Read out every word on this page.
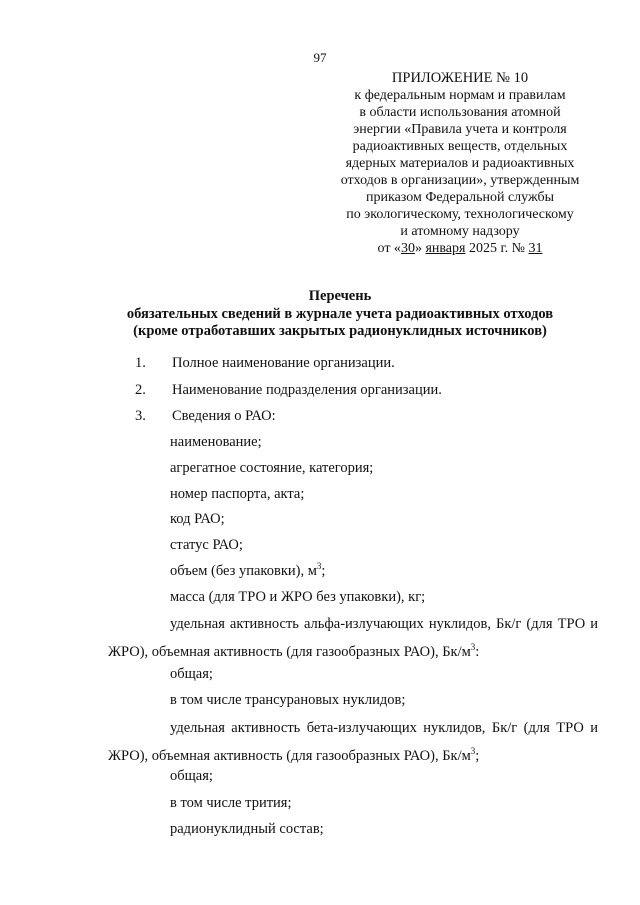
97
ПРИЛОЖЕНИЕ № 10
к федеральным нормам и правилам
в области использования атомной
энергии «Правила учета и контроля
радиоактивных веществ, отдельных
ядерных материалов и радиоактивных
отходов в организации», утвержденным
приказом Федеральной службы
по экологическому, технологическому
и атомному надзору
от «30» января 2025 г. № 31
Перечень
обязательных сведений в журнале учета радиоактивных отходов
(кроме отработавших закрытых радионуклидных источников)
1. Полное наименование организации.
2. Наименование подразделения организации.
3. Сведения о РАО:
наименование;
агрегатное состояние, категория;
номер паспорта, акта;
код РАО;
статус РАО;
объем (без упаковки), $м^3$;
масса (для ТРО и ЖРО без упаковки), кг;
удельная активность альфа-излучающих нуклидов, Бк/г (для ТРО и ЖРО), объемная активность (для газообразных РАО), $Бк/м^3$:
общая;
в том числе трансурановых нуклидов;
удельная активность бета-излучающих нуклидов, Бк/г (для ТРО и ЖРО), объемная активность (для газообразных РАО), $Бк/м^3$;
общая;
в том числе трития;
радионуклидный состав;
